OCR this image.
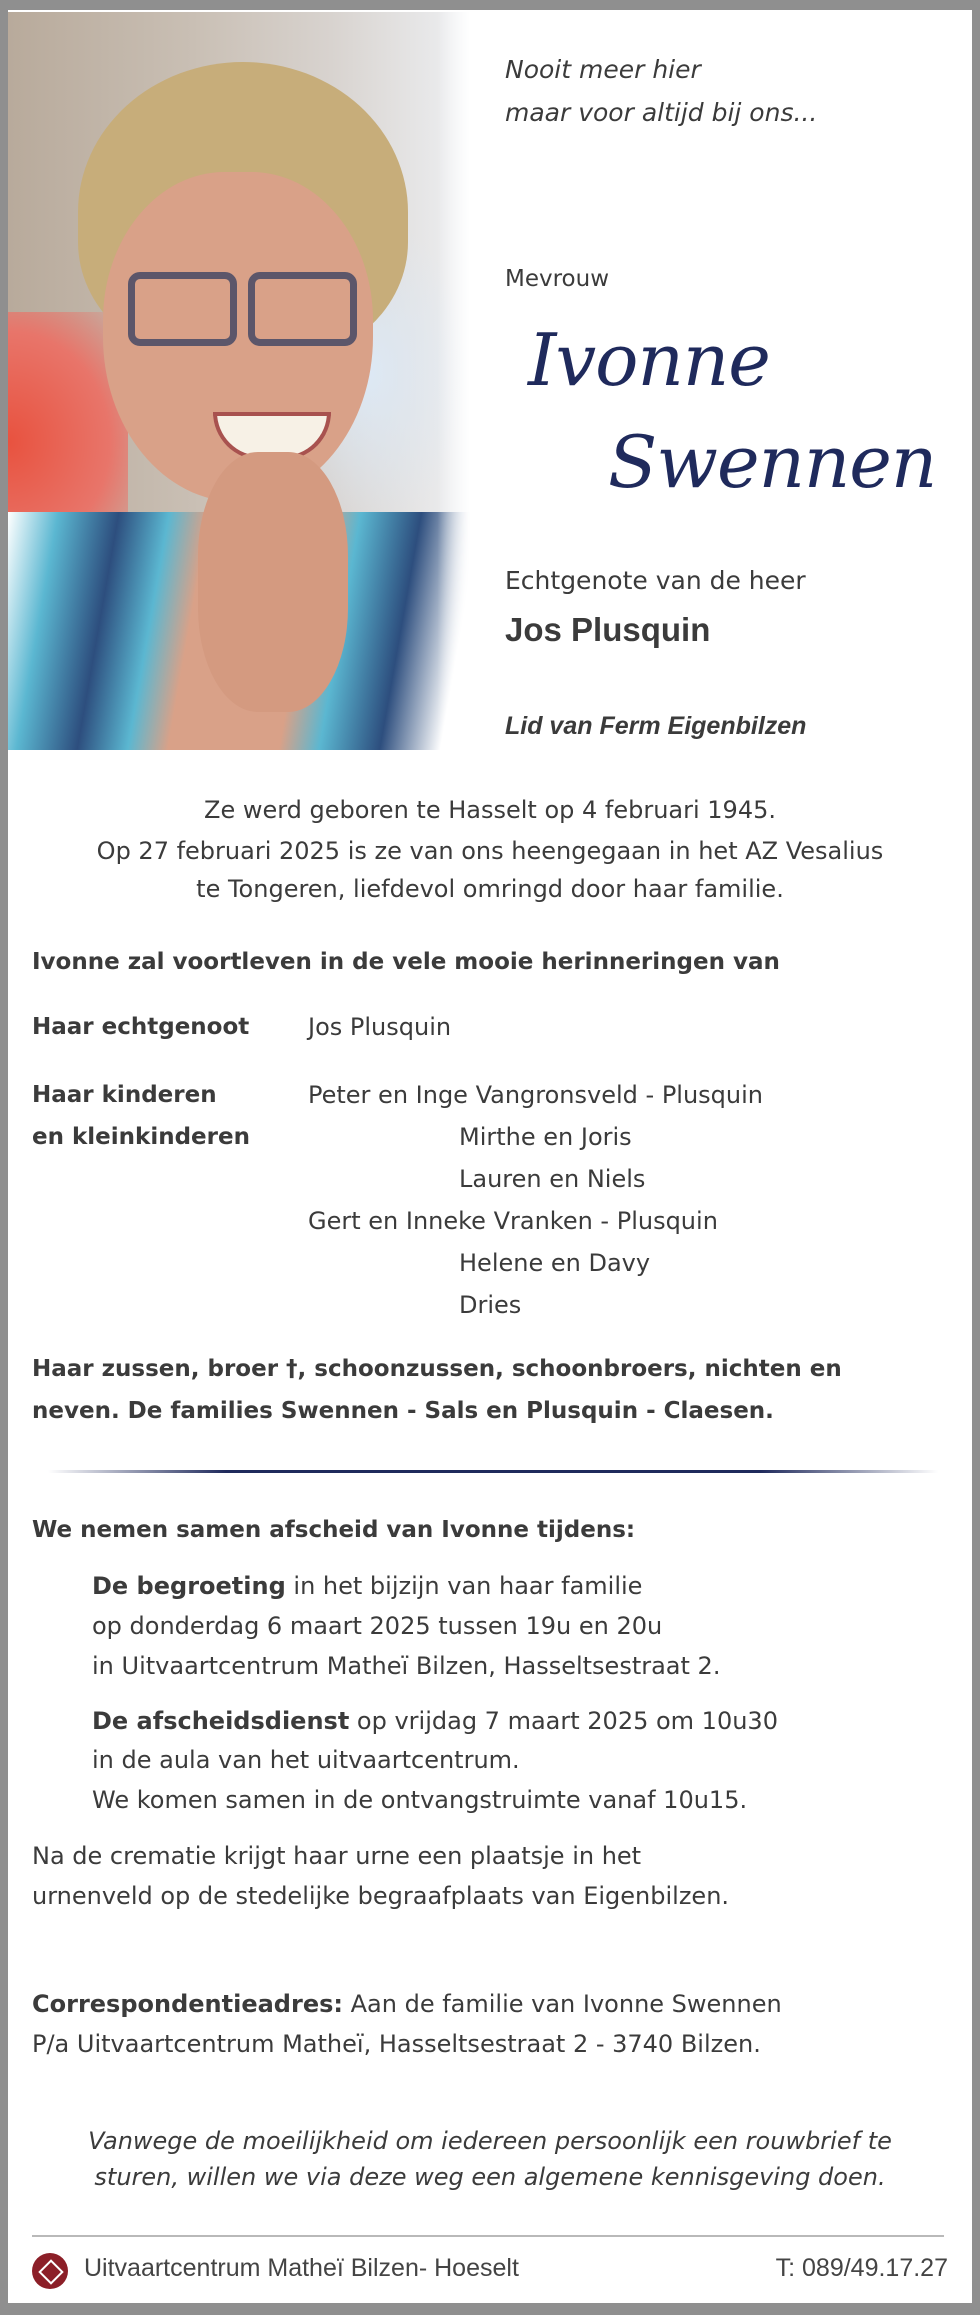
Nooit meer hier
maar voor altijd bij ons...
Mevrouw
Ivonne
Swennen
Echtgenote van de heer
Jos Plusquin
Lid van Ferm Eigenbilzen
Ze werd geboren te Hasselt op 4 februari 1945.
Op 27 februari 2025 is ze van ons heengegaan in het AZ Vesalius
te Tongeren, liefdevol omringd door haar familie.
Ivonne zal voortleven in de vele mooie herinneringen van
Haar echtgenoot Jos Plusquin
Haar kinderen
en kleinkinderen
Peter en Inge Vangronsveld - Plusquin
Mirthe en Joris
Lauren en Niels
Gert en Inneke Vranken - Plusquin
Helene en Davy
Dries
Haar zussen, broer †, schoonzussen, schoonbroers, nichten en
neven. De families Swennen - Sals en Plusquin - Claesen.
We nemen samen afscheid van Ivonne tijdens:
De begroeting in het bijzijn van haar familie
op donderdag 6 maart 2025 tussen 19u en 20u
in Uitvaartcentrum Matheï Bilzen, Hasseltsestraat 2.
De afscheidsdienst op vrijdag 7 maart 2025 om 10u30
in de aula van het uitvaartcentrum.
We komen samen in de ontvangstruimte vanaf 10u15.
Na de crematie krijgt haar urne een plaatsje in het
urnenveld op de stedelijke begraafplaats van Eigenbilzen.
Correspondentieadres: Aan de familie van Ivonne Swennen
P/a Uitvaartcentrum Matheï, Hasseltsestraat 2 - 3740 Bilzen.
Vanwege de moeilijkheid om iedereen persoonlijk een rouwbrief te
sturen, willen we via deze weg een algemene kennisgeving doen.
Uitvaartcentrum Matheï Bilzen- Hoeselt	T: 089/49.17.27
